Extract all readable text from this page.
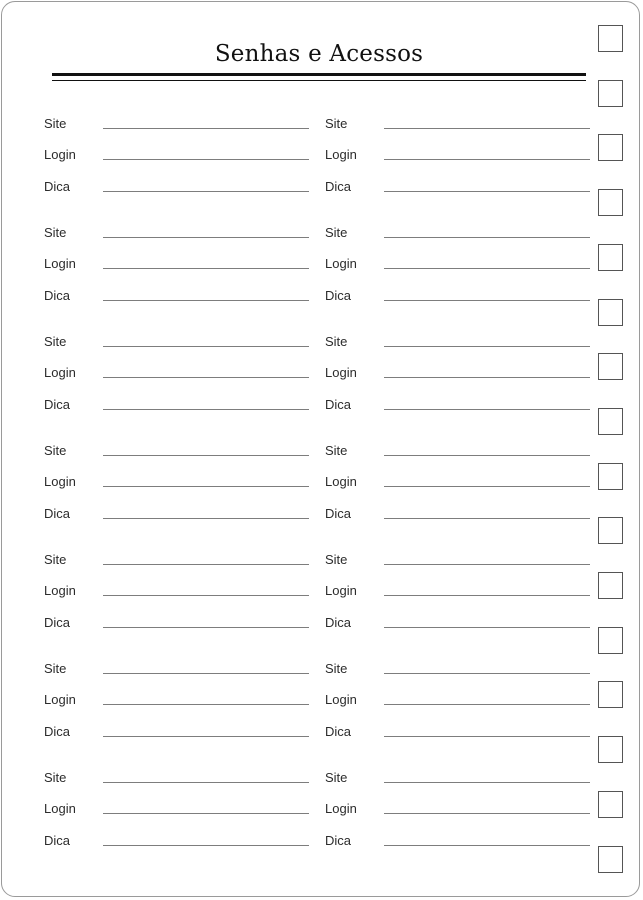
Senhas e Acessos
Site
Login
Dica
Site
Login
Dica
Site
Login
Dica
Site
Login
Dica
Site
Login
Dica
Site
Login
Dica
Site
Login
Dica
Site
Login
Dica
Site
Login
Dica
Site
Login
Dica
Site
Login
Dica
Site
Login
Dica
Site
Login
Dica
Site
Login
Dica
